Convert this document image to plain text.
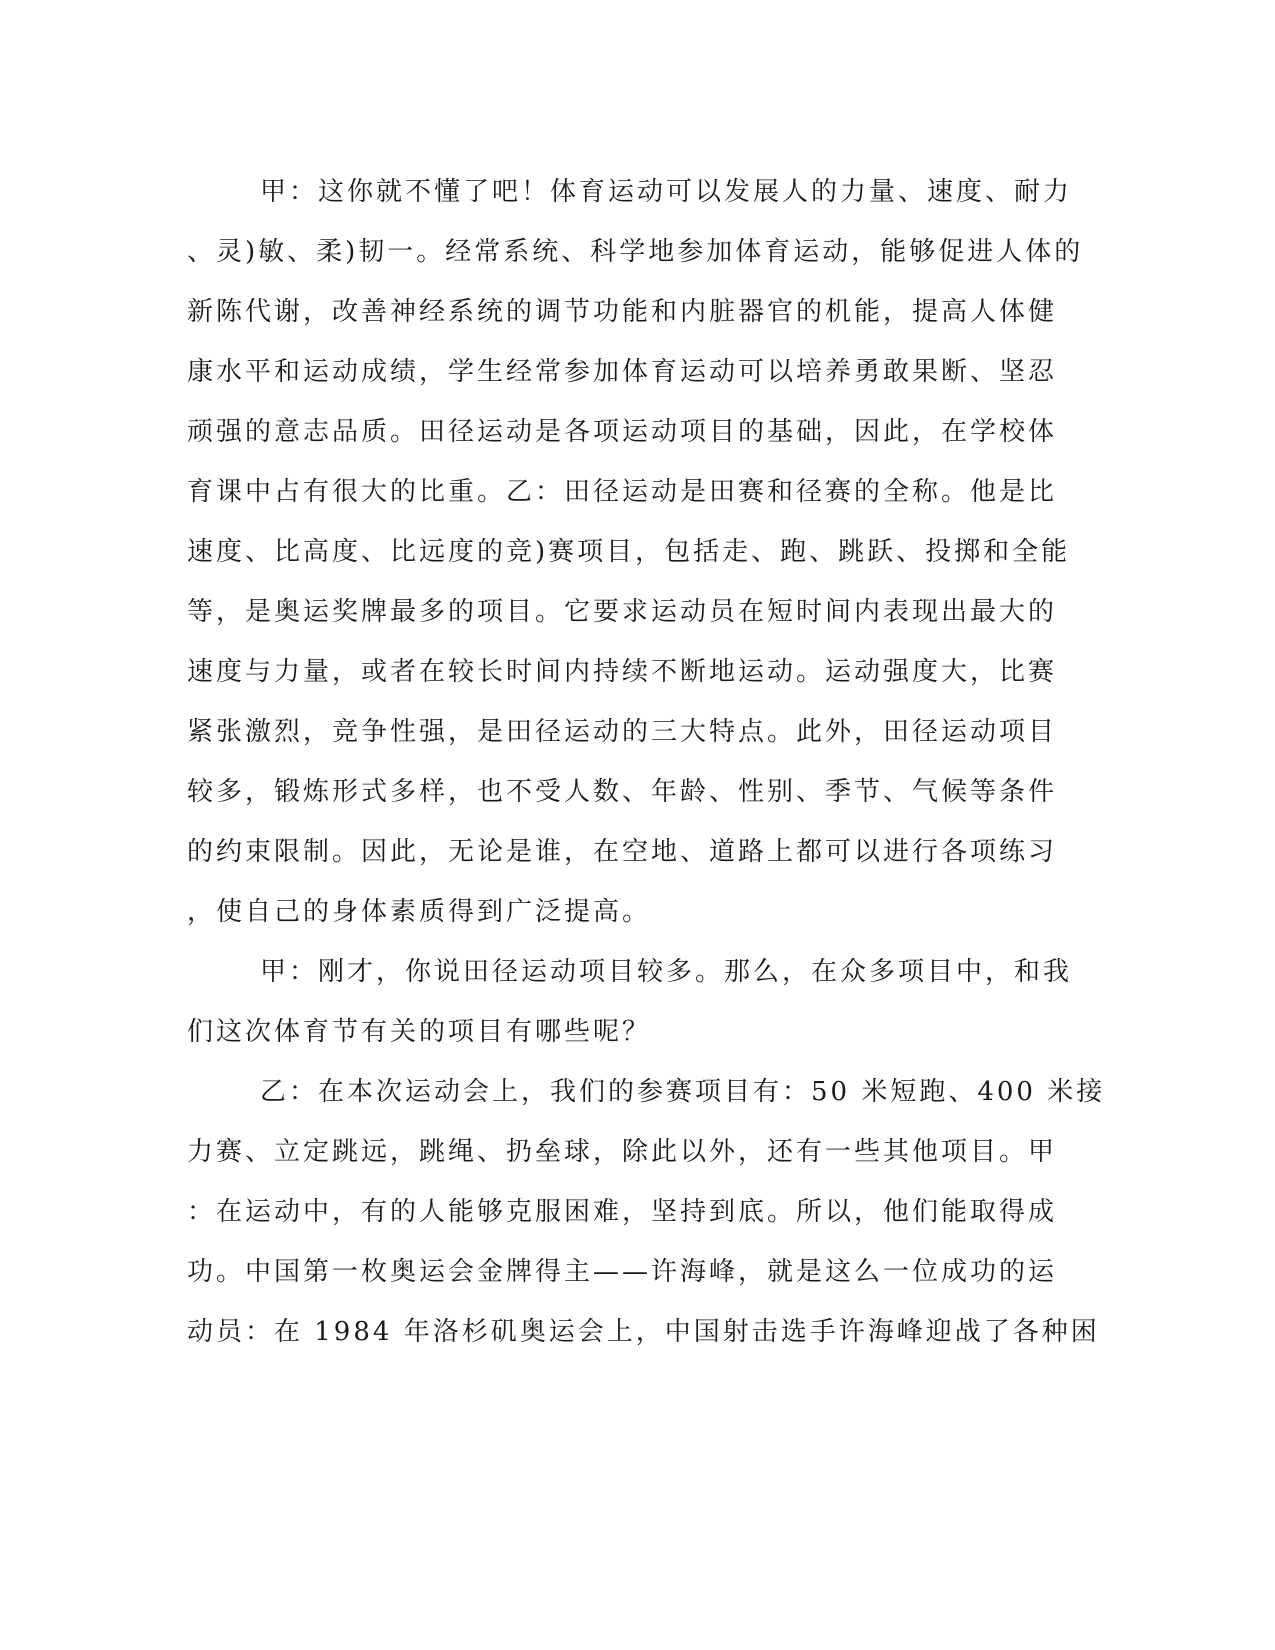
甲：这你就不懂了吧！体育运动可以发展人的力量、速度、耐力
、灵)敏、柔)韧一。经常系统、科学地参加体育运动，能够促进人体的
新陈代谢，改善神经系统的调节功能和内脏器官的机能，提高人体健
康水平和运动成绩，学生经常参加体育运动可以培养勇敢果断、坚忍
顽强的意志品质。田径运动是各项运动项目的基础，因此，在学校体
育课中占有很大的比重。乙：田径运动是田赛和径赛的全称。他是比
速度、比高度、比远度的竞)赛项目，包括走、跑、跳跃、投掷和全能
等，是奥运奖牌最多的项目。它要求运动员在短时间内表现出最大的
速度与力量，或者在较长时间内持续不断地运动。运动强度大，比赛
紧张激烈，竞争性强，是田径运动的三大特点。此外，田径运动项目
较多，锻炼形式多样，也不受人数、年龄、性别、季节、气候等条件
的约束限制。因此，无论是谁，在空地、道路上都可以进行各项练习
，使自己的身体素质得到广泛提高。
甲：刚才，你说田径运动项目较多。那么，在众多项目中，和我
们这次体育节有关的项目有哪些呢？
乙：在本次运动会上，我们的参赛项目有：50 米短跑、400 米接
力赛、立定跳远，跳绳、扔垒球，除此以外，还有一些其他项目。甲
：在运动中，有的人能够克服困难，坚持到底。所以，他们能取得成
功。中国第一枚奥运会金牌得主——许海峰，就是这么一位成功的运
动员：在 1984 年洛杉矶奥运会上，中国射击选手许海峰迎战了各种困
